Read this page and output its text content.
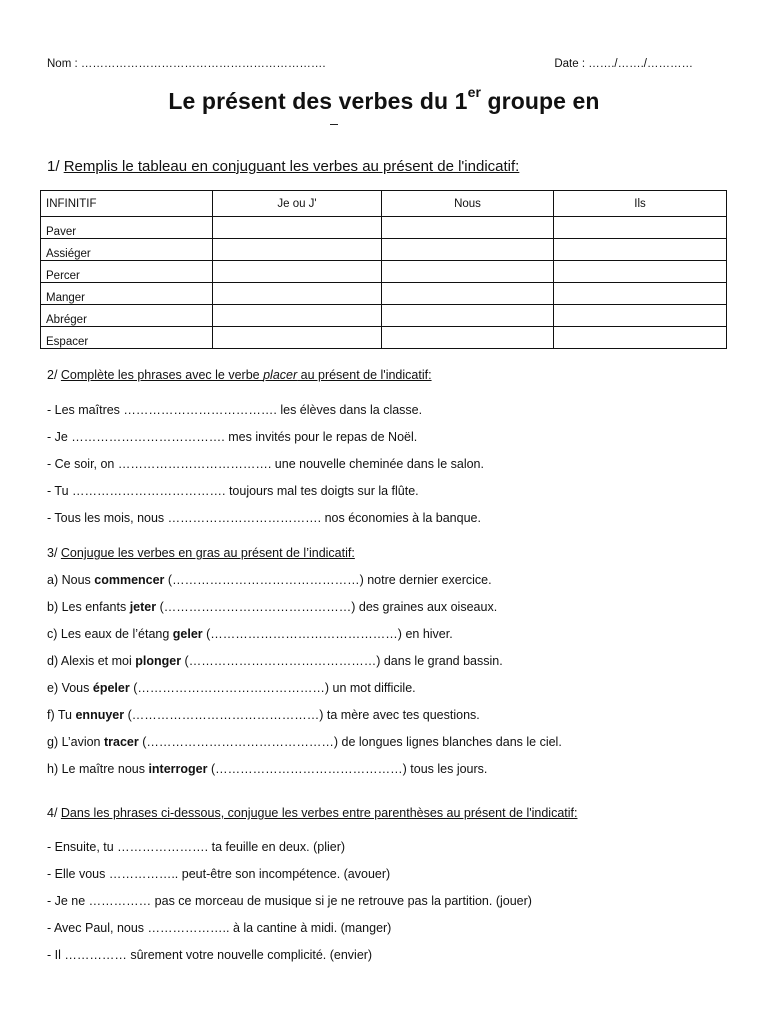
Nom : ……………………………………………………….	Date : ……./……./…………
Le présent des verbes du 1er groupe en
1/ Remplis le tableau en conjuguant les verbes au présent de l'indicatif:
INFINITIF	Je ou J'	Nous	Ils
Paver			
Assiéger			
Percer			
Manger			
Abréger			
Espacer			
2/ Complète les phrases avec le verbe placer au présent de l'indicatif:
- Les maîtres ………………………………. les élèves dans la classe.
- Je ………………………………. mes invités pour le repas de Noël.
- Ce soir, on ………………………………. une nouvelle cheminée dans le salon.
- Tu ………………………………. toujours mal tes doigts sur la flûte.
- Tous les mois, nous ………………………………. nos économies à la banque.
3/ Conjugue les verbes en gras au présent de l’indicatif:
a) Nous commencer (………………………………………) notre dernier exercice.
b) Les enfants jeter (………………………………………) des graines aux oiseaux.
c) Les eaux de l’étang geler (………………………………………) en hiver.
d) Alexis et moi plonger (………………………………………) dans le grand bassin.
e) Vous épeler (………………………………………) un mot difficile.
f) Tu ennuyer (………………………………………) ta mère avec tes questions.
g) L’avion tracer (………………………………………) de longues lignes blanches dans le ciel.
h) Le maître nous interroger (………………………………………) tous les jours.
4/ Dans les phrases ci-dessous, conjugue les verbes entre parenthèses au présent de l'indicatif:
- Ensuite, tu …………………. ta feuille en deux. (plier)
- Elle vous …………….. peut-être son incompétence. (avouer)
- Je ne …………… pas ce morceau de musique si je ne retrouve pas la partition. (jouer)
- Avec Paul, nous ……………….. à la cantine à midi. (manger)
- Il …………… sûrement votre nouvelle complicité. (envier)
